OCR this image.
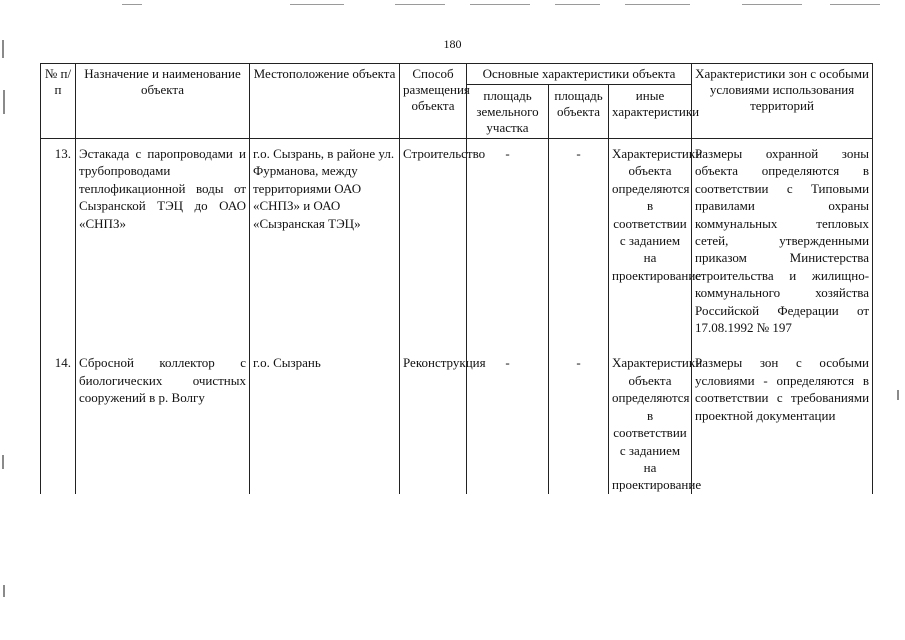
180
№ п/п	Назначение и наименование объекта	Местоположение объекта	Способ размещения объекта	Основные характеристики объекта			Характеристики зон с особыми условиями использования территорий
				площадь земельного участка	площадь объекта	иные характеристики	
13.	Эстакада с паропроводами и трубопроводами теплофикационной воды от Сызранской ТЭЦ до ОАО «СНПЗ»	г.о. Сызрань, в районе ул. Фурманова, между территориями ОАО «СНПЗ» и ОАО «Сызранская ТЭЦ»	Строительство	-	-	Характеристики объекта определяются в соответствии с заданием на проектирование	Размеры охранной зоны объекта определяются в соответствии с Типовыми правилами охраны коммунальных тепловых сетей, утвержденными приказом Министерства строительства и жилищно-коммунального хозяйства Российской Федерации от 17.08.1992 № 197
14.	Сбросной коллектор с биологических очистных сооружений в р. Волгу	г.о. Сызрань	Реконструкция	-	-	Характеристики объекта определяются в соответствии с заданием на проектирование	Размеры зон с особыми условиями - определяются в соответствии с требованиями проектной документации
